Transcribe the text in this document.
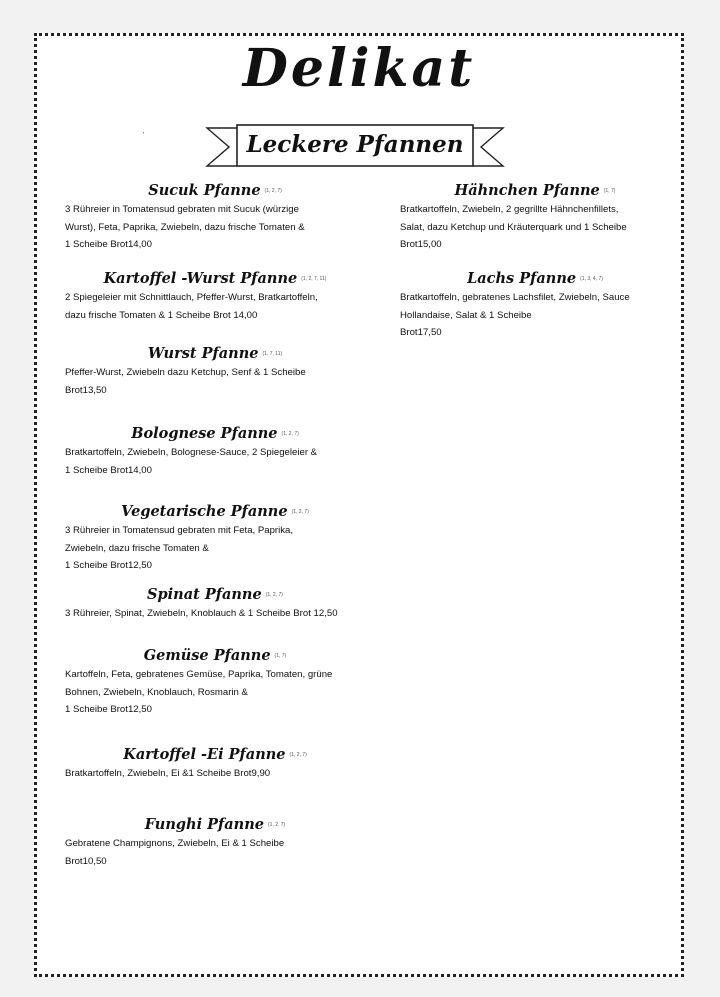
Delikat
'	Leckere Pfannen
Sucuk Pfanne (1, 2, 7)
3 Rühreier in Tomatensud gebraten mit Sucuk (würzige
Wurst), Feta, Paprika, Zwiebeln, dazu frische Tomaten &
1 Scheibe Brot14,00
Kartoffel -Wurst Pfanne (1, 2, 7, 11)
2 Spiegeleier mit Schnittlauch, Pfeffer-Wurst, Bratkartoffeln,
dazu frische Tomaten & 1 Scheibe Brot 14,00
Wurst Pfanne (1, 7, 11)
Pfeffer-Wurst, Zwiebeln dazu Ketchup, Senf & 1 Scheibe
Brot13,50
Bolognese Pfanne (1, 2, 7)
Bratkartoffeln, Zwiebeln, Bolognese-Sauce, 2 Spiegeleier &
1 Scheibe Brot14,00
Vegetarische Pfanne (1, 2, 7)
3 Rühreier in Tomatensud gebraten mit Feta, Paprika,
Zwiebeln, dazu frische Tomaten &
1 Scheibe Brot12,50
Spinat Pfanne (1, 2, 7)
3 Rühreier, Spinat, Zwiebeln, Knoblauch & 1 Scheibe Brot 12,50
Gemüse Pfanne (1, 7)
Kartoffeln, Feta, gebratenes Gemüse, Paprika, Tomaten, grüne
Bohnen, Zwiebeln, Knoblauch, Rosmarin &
1 Scheibe Brot12,50
Kartoffel -Ei Pfanne (1, 2, 7)
Bratkartoffeln, Zwiebeln, Ei &1 Scheibe Brot9,90
Funghi Pfanne (1, 2, 7)
Gebratene Champignons, Zwiebeln, Ei & 1 Scheibe
Brot10,50
Hähnchen Pfanne (1, 7)
Bratkartoffeln, Zwiebeln, 2 gegrillte Hähnchenfillets,
Salat, dazu Ketchup und Kräuterquark und 1 Scheibe
Brot15,00
Lachs Pfanne (1, 3, 4, 7)
Bratkartoffeln, gebratenes Lachsfilet, Zwiebeln, Sauce
Hollandaise, Salat & 1 Scheibe
Brot17,50
